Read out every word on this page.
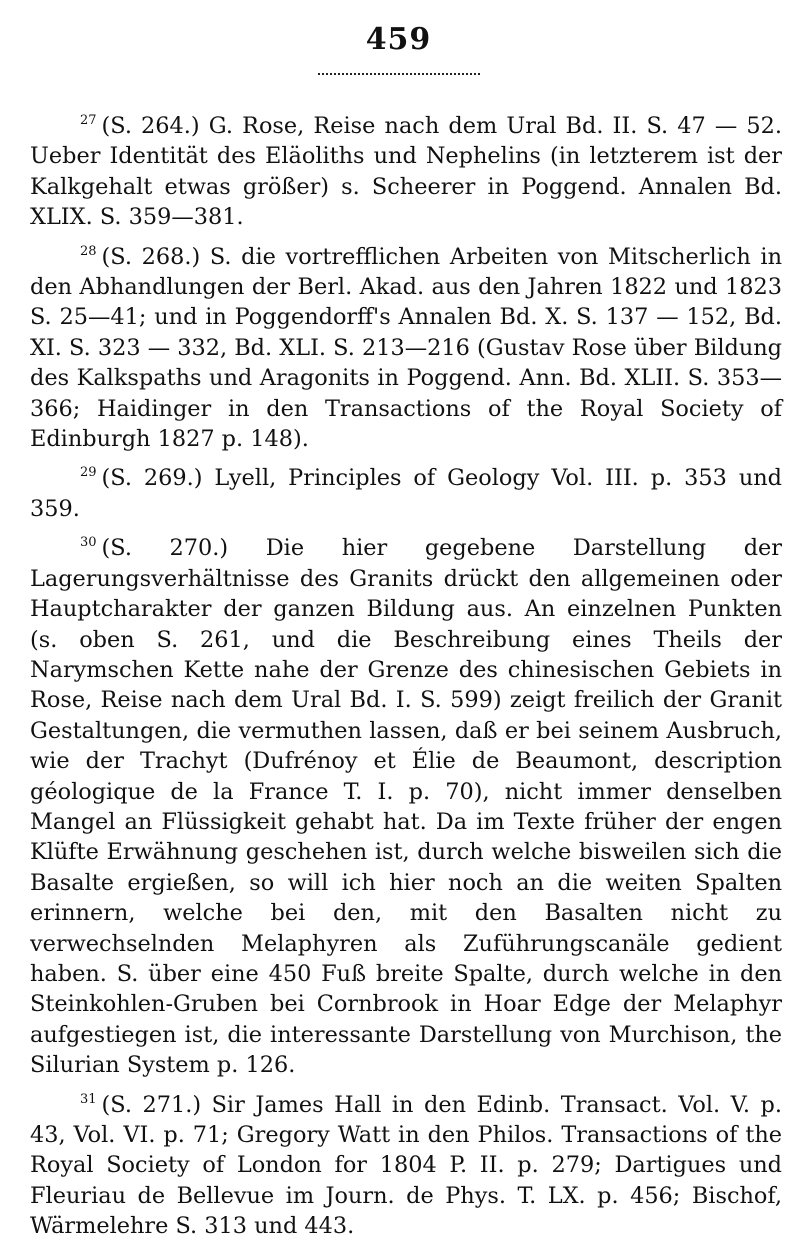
459

$^{27}$ (S. 264.) G. Rose, Reise nach dem Ural Bd. II. S. 47 — 52. Ueber Identität des Eläoliths und Nephelins (in letzterem ist der Kalkgehalt etwas größer) s. Scheerer in Poggend. Annalen Bd. XLIX. S. 359—381.

$^{28}$ (S. 268.) S. die vortrefflichen Arbeiten von Mitscherlich in den Abhandlungen der Berl. Akad. aus den Jahren 1822 und 1823 S. 25—41; und in Poggendorff's Annalen Bd. X. S. 137 — 152, Bd. XI. S. 323 — 332, Bd. XLI. S. 213—216 (Gustav Rose über Bildung des Kalkspaths und Aragonits in Poggend. Ann. Bd. XLII. S. 353—366; Haidinger in den Transactions of the Royal Society of Edinburgh 1827 p. 148).

$^{29}$ (S. 269.) Lyell, Principles of Geology Vol. III. p. 353 und 359.

$^{30}$ (S. 270.) Die hier gegebene Darstellung der Lagerungsverhältnisse des Granits drückt den allgemeinen oder Hauptcharakter der ganzen Bildung aus. An einzelnen Punkten (s. oben S. 261, und die Beschreibung eines Theils der Narymschen Kette nahe der Grenze des chinesischen Gebiets in Rose, Reise nach dem Ural Bd. I. S. 599) zeigt freilich der Granit Gestaltungen, die vermuthen lassen, daß er bei seinem Ausbruch, wie der Trachyt (Dufrénoy et Élie de Beaumont, description géologique de la France T. I. p. 70), nicht immer denselben Mangel an Flüssigkeit gehabt hat. Da im Texte früher der engen Klüfte Erwähnung geschehen ist, durch welche bisweilen sich die Basalte ergießen, so will ich hier noch an die weiten Spalten erinnern, welche bei den, mit den Basalten nicht zu verwechselnden Melaphyren als Zuführungscanäle gedient haben. S. über eine 450 Fuß breite Spalte, durch welche in den Steinkohlen-Gruben bei Cornbrook in Hoar Edge der Melaphyr aufgestiegen ist, die interessante Darstellung von Murchison, the Silurian System p. 126.

$^{31}$ (S. 271.) Sir James Hall in den Edinb. Transact. Vol. V. p. 43, Vol. VI. p. 71; Gregory Watt in den Philos. Transactions of the Royal Society of London for 1804 P. II. p. 279; Dartigues und Fleuriau de Bellevue im Journ. de Phys. T. LX. p. 456; Bischof, Wärmelehre S. 313 und 443.
